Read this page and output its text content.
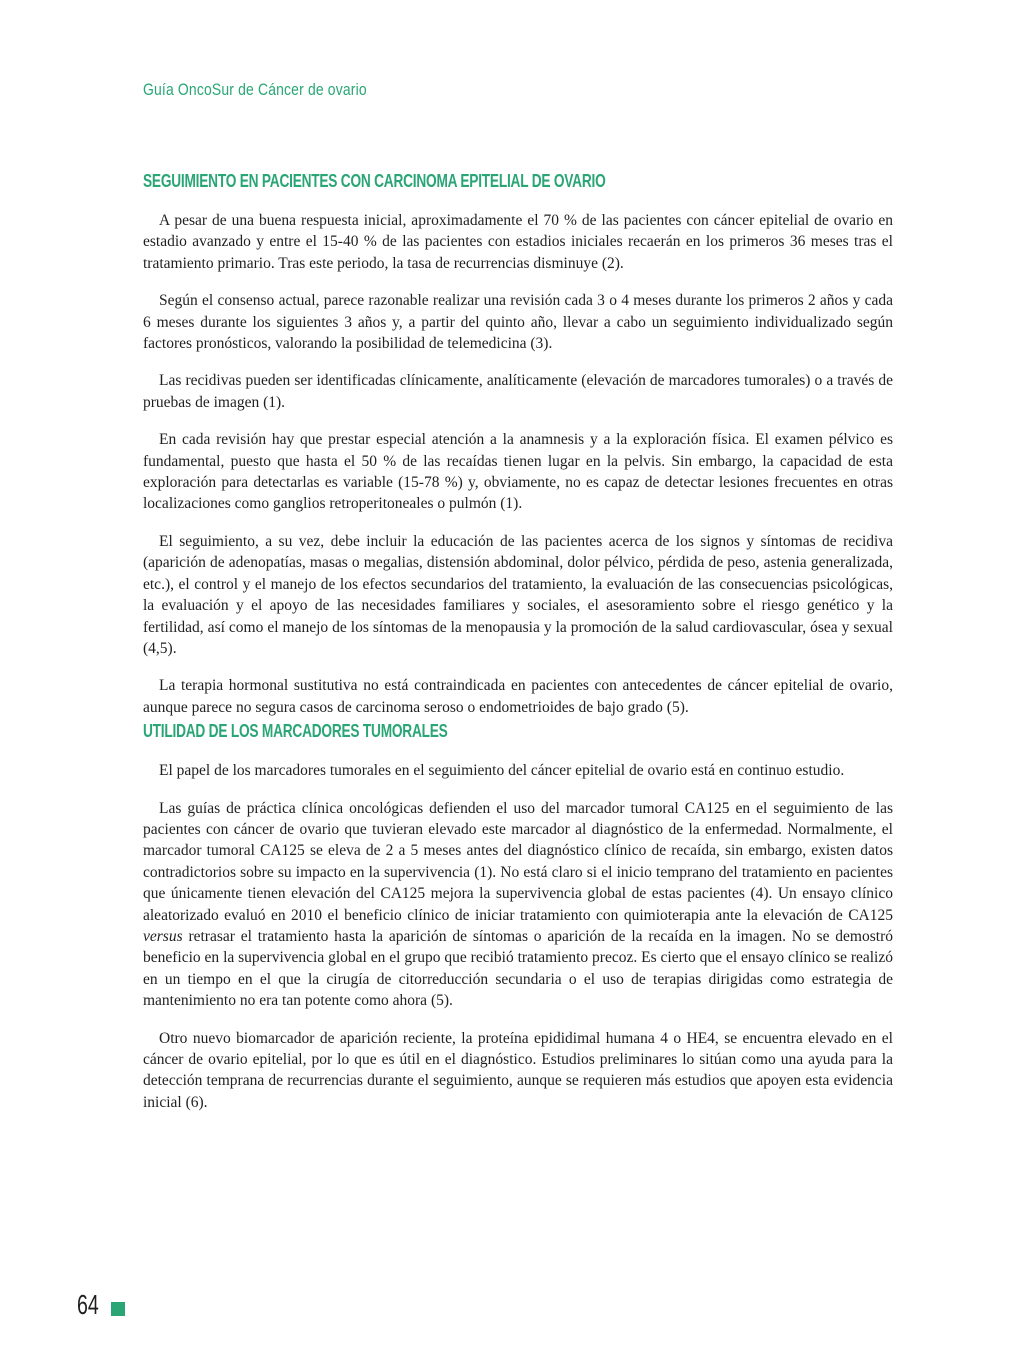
Guía OncoSur de Cáncer de ovario
SEGUIMIENTO EN PACIENTES CON CARCINOMA EPITELIAL DE OVARIO

A pesar de una buena respuesta inicial, aproximadamente el 70 % de las pacientes con cáncer epitelial de ovario en estadio avanzado y entre el 15-40 % de las pacientes con estadios iniciales recaerán en los primeros 36 meses tras el tratamiento primario. Tras este periodo, la tasa de recurrencias disminuye (2).

Según el consenso actual, parece razonable realizar una revisión cada 3 o 4 meses durante los primeros 2 años y cada 6 meses durante los siguientes 3 años y, a partir del quinto año, llevar a cabo un seguimiento individualizado según factores pronósticos, valorando la posibilidad de telemedicina (3).

Las recidivas pueden ser identificadas clínicamente, analíticamente (elevación de marcadores tumorales) o a través de pruebas de imagen (1).

En cada revisión hay que prestar especial atención a la anamnesis y a la exploración física. El examen pélvico es fundamental, puesto que hasta el 50 % de las recaídas tienen lugar en la pelvis. Sin embargo, la capacidad de esta exploración para detectarlas es variable (15-78 %) y, obviamente, no es capaz de detectar lesiones frecuentes en otras localizaciones como ganglios retroperitoneales o pulmón (1).

El seguimiento, a su vez, debe incluir la educación de las pacientes acerca de los signos y síntomas de recidiva (aparición de adenopatías, masas o megalias, distensión abdominal, dolor pélvico, pérdida de peso, astenia generalizada, etc.), el control y el manejo de los efectos secundarios del tratamiento, la evaluación de las consecuencias psicológicas, la evaluación y el apoyo de las necesidades familiares y sociales, el asesoramiento sobre el riesgo genético y la fertilidad, así como el manejo de los síntomas de la menopausia y la promoción de la salud cardiovascular, ósea y sexual (4,5).

La terapia hormonal sustitutiva no está contraindicada en pacientes con antecedentes de cáncer epitelial de ovario, aunque parece no segura casos de carcinoma seroso o endometrioides de bajo grado (5).

UTILIDAD DE LOS MARCADORES TUMORALES

El papel de los marcadores tumorales en el seguimiento del cáncer epitelial de ovario está en continuo estudio.

Las guías de práctica clínica oncológicas defienden el uso del marcador tumoral CA125 en el seguimiento de las pacientes con cáncer de ovario que tuvieran elevado este marcador al diagnóstico de la enfermedad. Normalmente, el marcador tumoral CA125 se eleva de 2 a 5 meses antes del diagnóstico clínico de recaída, sin embargo, existen datos contradictorios sobre su impacto en la supervivencia (1). No está claro si el inicio temprano del tratamiento en pacientes que únicamente tienen elevación del CA125 mejora la supervivencia global de estas pacientes (4). Un ensayo clínico aleatorizado evaluó en 2010 el beneficio clínico de iniciar tratamiento con quimioterapia ante la elevación de CA125 versus retrasar el tratamiento hasta la aparición de síntomas o aparición de la recaída en la imagen. No se demostró beneficio en la supervivencia global en el grupo que recibió tratamiento precoz. Es cierto que el ensayo clínico se realizó en un tiempo en el que la cirugía de citorreducción secundaria o el uso de terapias dirigidas como estrategia de mantenimiento no era tan potente como ahora (5).

Otro nuevo biomarcador de aparición reciente, la proteína epididimal humana 4 o HE4, se encuentra elevado en el cáncer de ovario epitelial, por lo que es útil en el diagnóstico. Estudios preliminares lo sitúan como una ayuda para la detección temprana de recurrencias durante el seguimiento, aunque se requieren más estudios que apoyen esta evidencia inicial (6).

64
